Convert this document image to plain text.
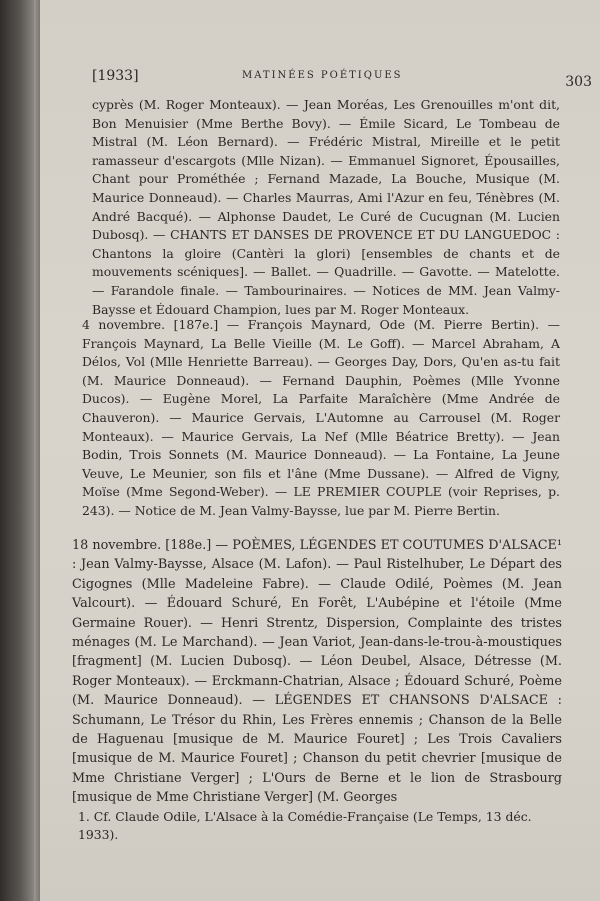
[1933]	MATINÉES POÉTIQUES	303

cyprès (M. Roger Monteaux). — Jean Moréas, Les Grenouilles m'ont dit, Bon Menuisier (Mme Berthe Bovy). — Émile Sicard, Le Tombeau de Mistral (M. Léon Bernard). — Frédéric Mistral, Mireille et le petit ramasseur d'escargots (Mlle Nizan). — Emmanuel Signoret, Épousailles, Chant pour Prométhée ; Fernand Mazade, La Bouche, Musique (M. Maurice Donneaud). — Charles Maurras, Ami l'Azur en feu, Ténèbres (M. André Bacqué). — Alphonse Daudet, Le Curé de Cucugnan (M. Lucien Dubosq). — CHANTS ET DANSES DE PROVENCE ET DU LANGUEDOC : Chantons la gloire (Cantèri la glori) [ensembles de chants et de mouvements scéniques]. — Ballet. — Quadrille. — Gavotte. — Matelotte. — Farandole finale. — Tambourinaires. — Notices de MM. Jean Valmy-Baysse et Édouard Champion, lues par M. Roger Monteaux.

4 novembre. [187e.] — François Maynard, Ode (M. Pierre Bertin). — François Maynard, La Belle Vieille (M. Le Goff). — Marcel Abraham, A Délos, Vol (Mlle Henriette Barreau). — Georges Day, Dors, Qu'en as-tu fait (M. Maurice Donneaud). — Fernand Dauphin, Poèmes (Mlle Yvonne Ducos). — Eugène Morel, La Parfaite Maraîchère (Mme Andrée de Chauveron). — Maurice Gervais, L'Automne au Carrousel (M. Roger Monteaux). — Maurice Gervais, La Nef (Mlle Béatrice Bretty). — Jean Bodin, Trois Sonnets (M. Maurice Donneaud). — La Fontaine, La Jeune Veuve, Le Meunier, son fils et l'âne (Mme Dussane). — Alfred de Vigny, Moïse (Mme Segond-Weber). — LE PREMIER COUPLE (voir Reprises, p. 243). — Notice de M. Jean Valmy-Baysse, lue par M. Pierre Bertin.

18 novembre. [188e.] — POÈMES, LÉGENDES ET COUTUMES D'ALSACE¹ : Jean Valmy-Baysse, Alsace (M. Lafon). — Paul Ristelhuber, Le Départ des Cigognes (Mlle Madeleine Fabre). — Claude Odilé, Poèmes (M. Jean Valcourt). — Édouard Schuré, En Forêt, L'Aubépine et l'étoile (Mme Germaine Rouer). — Henri Strentz, Dispersion, Complainte des tristes ménages (M. Le Marchand). — Jean Variot, Jean-dans-le-trou-à-moustiques [fragment] (M. Lucien Dubosq). — Léon Deubel, Alsace, Détresse (M. Roger Monteaux). — Erckmann-Chatrian, Alsace ; Édouard Schuré, Poème (M. Maurice Donneaud). — LÉGENDES ET CHANSONS D'ALSACE : Schumann, Le Trésor du Rhin, Les Frères ennemis ; Chanson de la Belle de Haguenau [musique de M. Maurice Fouret] ; Les Trois Cavaliers [musique de M. Maurice Fouret] ; Chanson du petit chevrier [musique de Mme Christiane Verger] ; L'Ours de Berne et le lion de Strasbourg [musique de Mme Christiane Verger] (M. Georges

1. Cf. Claude Odile, L'Alsace à la Comédie-Française (Le Temps, 13 déc. 1933).
